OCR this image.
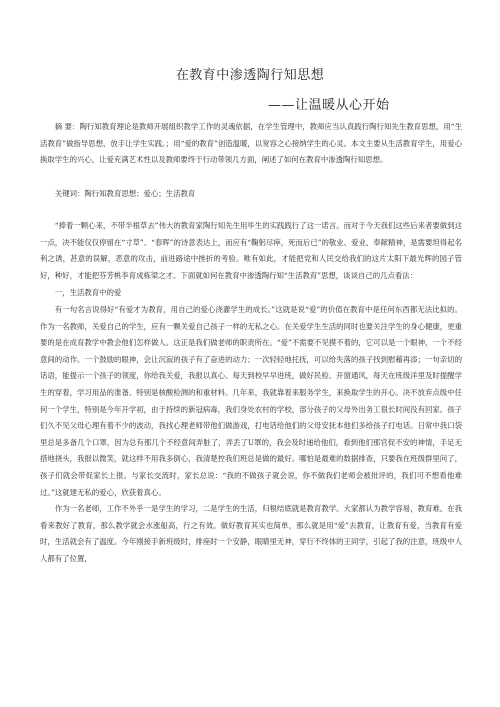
在教育中渗透陶行知思想
——让温暖从心开始

摘 要：陶行知教育理论是教师开展组织教学工作的灵魂依据，在学生管理中，教师应当认真践行陶行知先生教育思想，用“生活教育”做指导思想，放手让学生实践。；用“爱的教育”创造温暖，以宽容之心接纳学生的心灵。本文主要从生活教育学生，用爱心换取学生的兴心，让爱充满艺术性以及教师要终于行动带领几方面，阐述了如何在教育中渗透陶行知思想。

关键词：陶行知教育思想；爱心；生活教育

“捧着一颗心来，不带半根草去”伟大的教育家陶行知先生用毕生的实践践行了这一诺言。而对于今天我们这些后来者要做到这一点，决不能仅仅停留在“寸草”、“春晖”的诗意表达上，而应有“鞠躬尽瘁，死而后已”的敬业、爱业、奉献精神，是需要坦得起名利之诱，甚意的误解，恶意的攻击，前进路途中挫折的考验。唯有如此，才能把党和人民交给我们的这片太阳下最光辉的园子管好，种好，才能把芬芳桃李育成栋梁之才。下面就如何在教育中渗透陶行知“生活教育”思想，谈谈自己的几点看法：

一，生活教育中的爱

有一句名言说得好“有爱才为教育，用自己的爱心浇灌学生的成长。”这就是说“爱”的价值在教育中是任何东西都无法比拟的。作为一名教师，关爱自己的学生，应有一颗关爱自己孩子一样的无私之心。在关爱学生生活的同时也要关注学生的身心健康，更重要的是在成育教学中教会他们怎样做人。这正是我们做老师的职责所在。“爱”不需要不见摸不着的，它可以是一个眼神，一个不经意间的动作。一个鼓励的眼神，会让沉寂的孩子有了奋进的动力；一次轻轻地托抚，可以给失落的孩子找到慰藉再添；一句亲切的话语，能提示一个孩子的领度，你给我关爱，我报以真心。每天到校早早进班，做好民检、开窗通风，每天在班级洋里及时提醒学生的穿着，学习用品的准备。特别是核酸检测的和重材料。几年来，我就靠着来服务学生，来换取学生的开心。决不放弃点级中任何一个学生，特别是今年开学初，由于持续的新冠病毒，我们身处农村的学校，部分孩子的父母外出务工很长时间没有回家。孩子们久不见父母心理有着不少的波动，我找心理老师带他们做游戏，打电话给他们的父母安抚本他们多给孩子打电话。日常中我口袋里总是多备几个口罩，因为总有那几个不经意间弄脏了，弄丢了U罩的，我会及时递给他们，看到他们那官促不安的神情，手足无措地挠头，我报以微笑，就这样不用我多倒心，我清楚控我们班总是做的最好。哪怕是最难的数据排查，只要我在班级群里问了，孩子们就会带促家长上报。与家长交流时，家长总说：“我的不做孩子就会说，你不做我们老师会被批评的，我们可不想看他难过。”这就建无私的爱心，欣获着真心。

作为一名老师，工作不外乎一是学生的学习，二是学生的生活，归根结底就是教育教学。大家都认为教学容易，教育难。在我看来教好了教育，那么教学就会水涨船高，行之有效。做好教育其实也简单，那么就是用“爱”去教育，让教育有爱，当教育有爱时，生活就会有了温度。今年刚接手新班级时，排座时一个安静，眼睛里无神，穿行不终体的王同学，引起了我的注意，班级中人人都有了位置，
